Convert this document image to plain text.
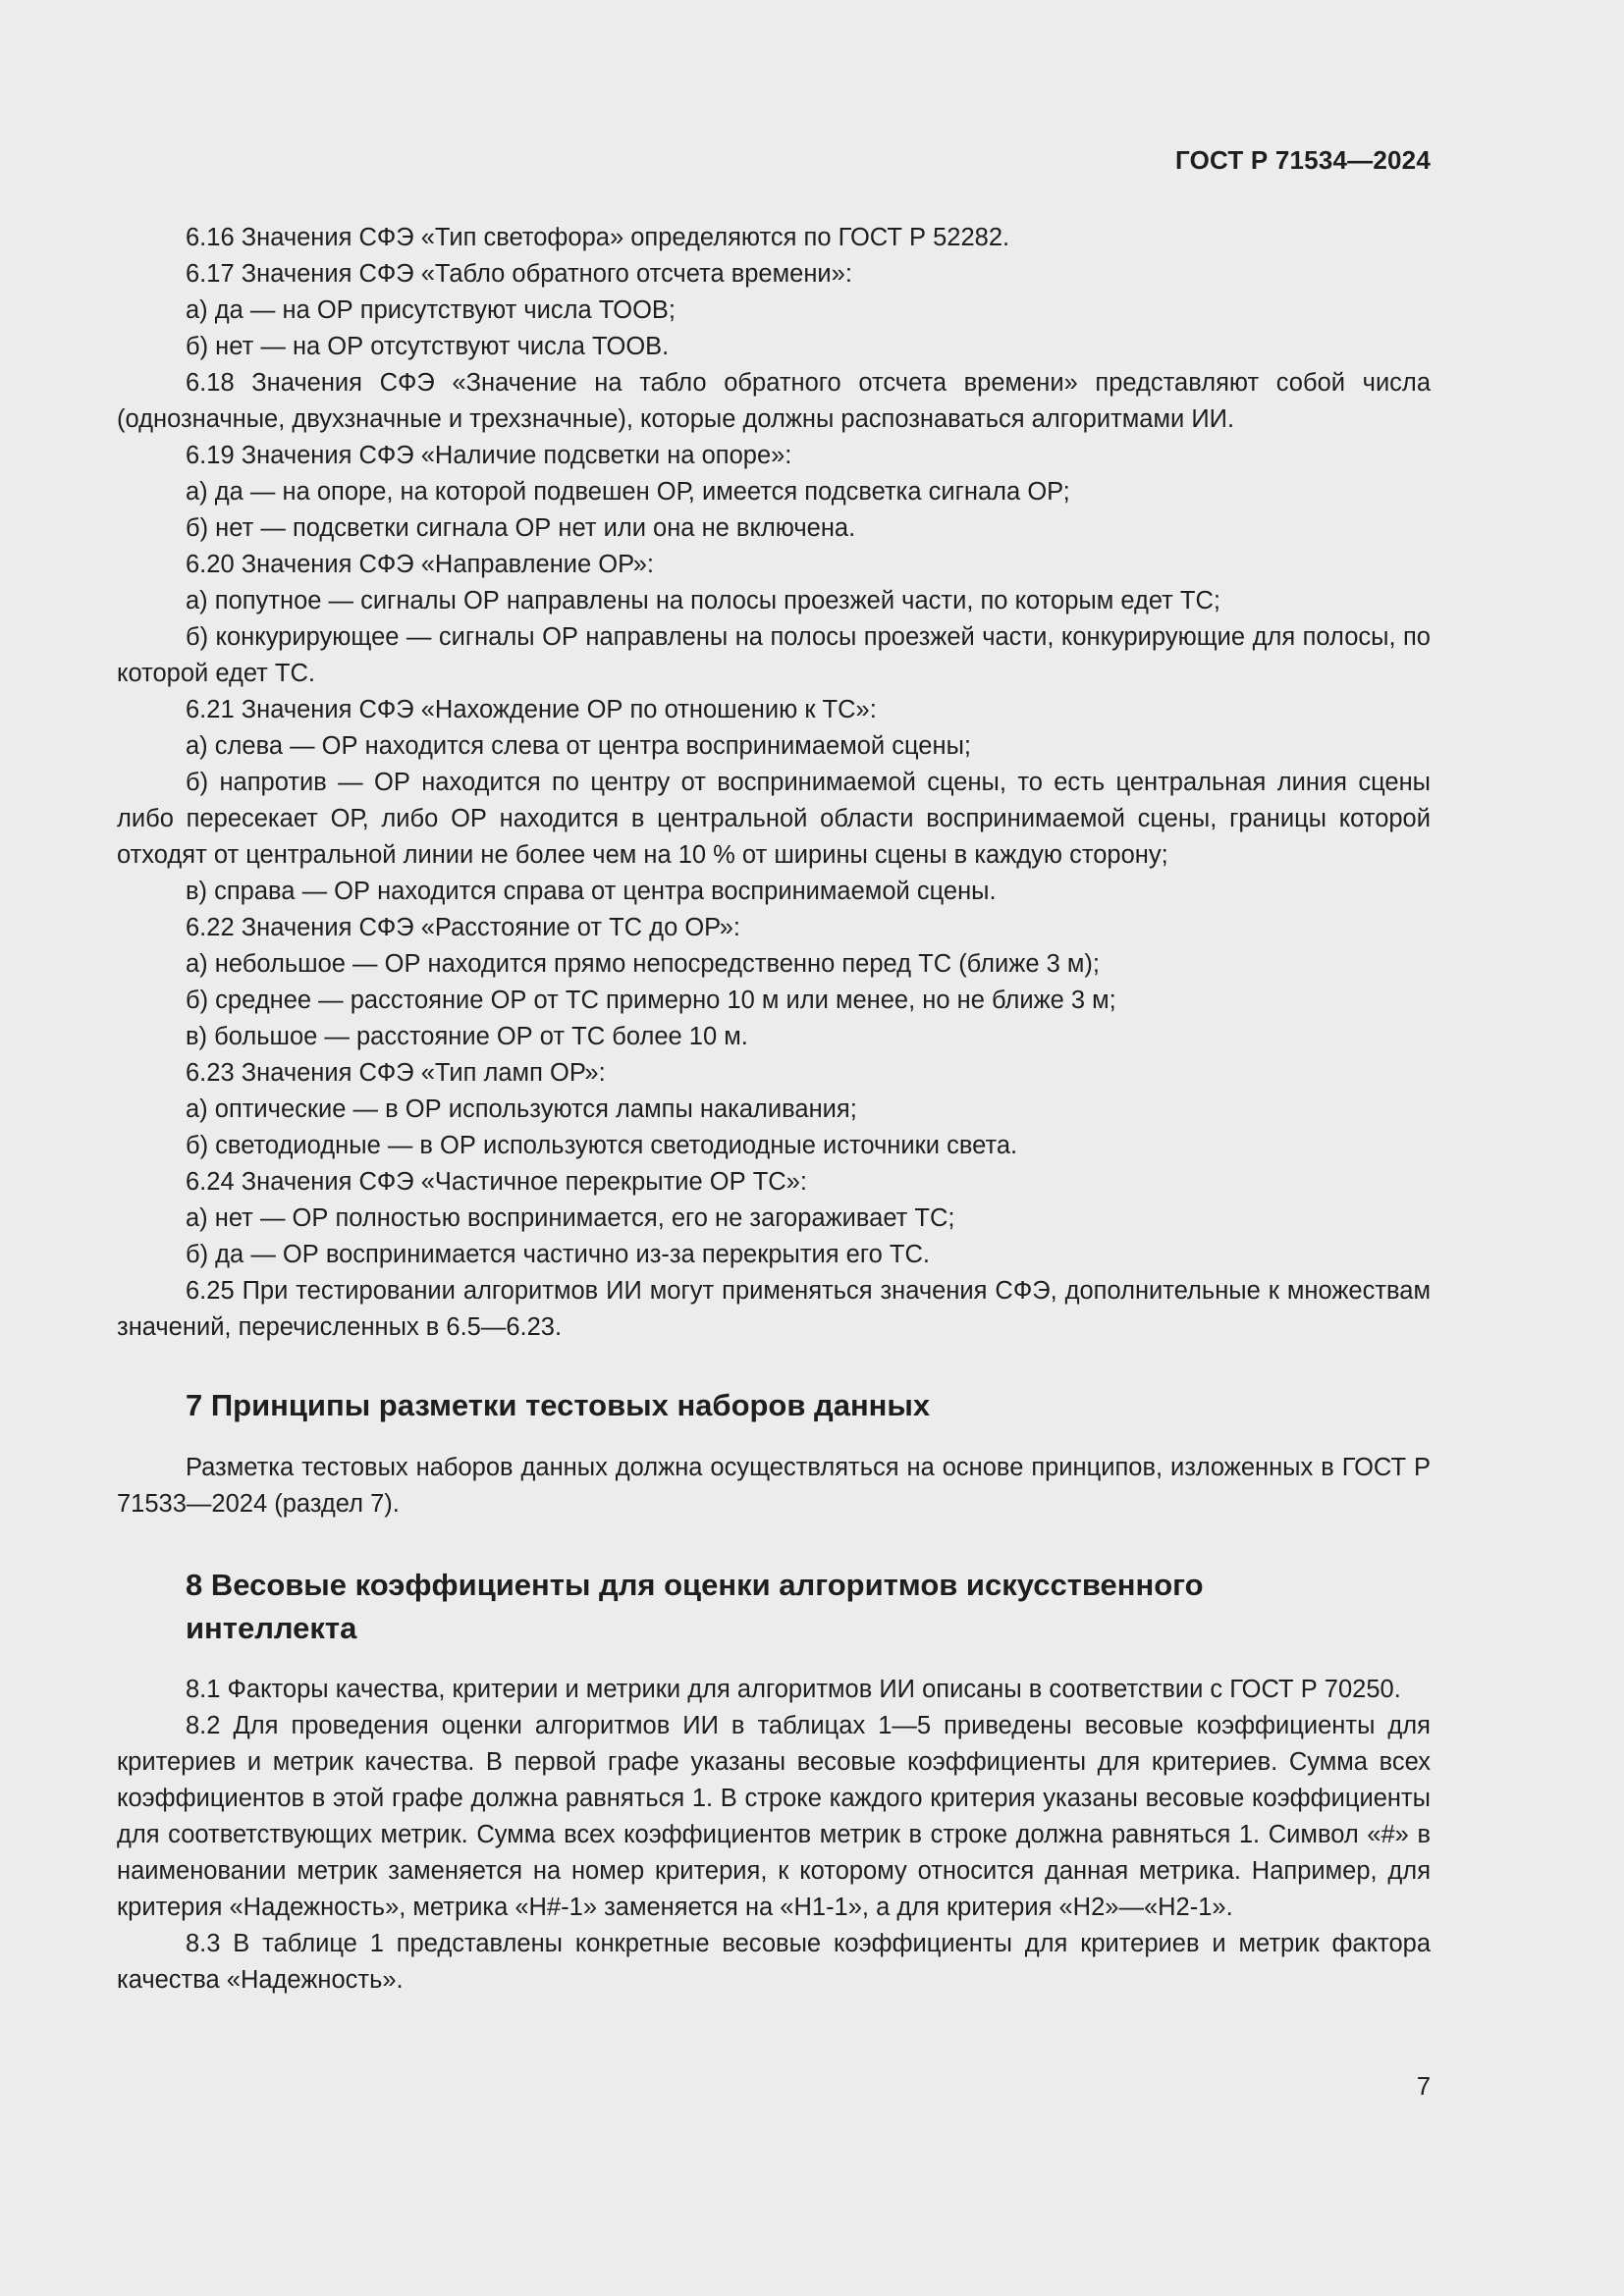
ГОСТ Р 71534—2024

6.16 Значения СФЭ «Тип светофора» определяются по ГОСТ Р 52282.

6.17 Значения СФЭ «Табло обратного отсчета времени»:

а) да — на ОР присутствуют числа ТООВ;

б) нет — на ОР отсутствуют числа ТООВ.

6.18 Значения СФЭ «Значение на табло обратного отсчета времени» представляют собой числа (однозначные, двухзначные и трехзначные), которые должны распознаваться алгоритмами ИИ.

6.19 Значения СФЭ «Наличие подсветки на опоре»:

а) да — на опоре, на которой подвешен ОР, имеется подсветка сигнала ОР;

б) нет — подсветки сигнала ОР нет или она не включена.

6.20 Значения СФЭ «Направление ОР»:

а) попутное — сигналы ОР направлены на полосы проезжей части, по которым едет ТС;

б) конкурирующее — сигналы ОР направлены на полосы проезжей части, конкурирующие для полосы, по которой едет ТС.

6.21 Значения СФЭ «Нахождение ОР по отношению к ТС»:

а) слева — ОР находится слева от центра воспринимаемой сцены;

б) напротив — ОР находится по центру от воспринимаемой сцены, то есть центральная линия сцены либо пересекает ОР, либо ОР находится в центральной области воспринимаемой сцены, границы которой отходят от центральной линии не более чем на 10 % от ширины сцены в каждую сторону;

в) справа — ОР находится справа от центра воспринимаемой сцены.

6.22 Значения СФЭ «Расстояние от ТС до ОР»:

а) небольшое — ОР находится прямо непосредственно перед ТС (ближе 3 м);

б) среднее — расстояние ОР от ТС примерно 10 м или менее, но не ближе 3 м;

в) большое — расстояние ОР от ТС более 10 м.

6.23 Значения СФЭ «Тип ламп ОР»:

а) оптические — в ОР используются лампы накаливания;

б) светодиодные — в ОР используются светодиодные источники света.

6.24 Значения СФЭ «Частичное перекрытие ОР ТС»:

а) нет — ОР полностью воспринимается, его не загораживает ТС;

б) да — ОР воспринимается частично из-за перекрытия его ТС.

6.25 При тестировании алгоритмов ИИ могут применяться значения СФЭ, дополнительные к множествам значений, перечисленных в 6.5—6.23.

7 Принципы разметки тестовых наборов данных

Разметка тестовых наборов данных должна осуществляться на основе принципов, изложенных в ГОСТ Р 71533—2024 (раздел 7).

8 Весовые коэффициенты для оценки алгоритмов искусственного
интеллекта

8.1 Факторы качества, критерии и метрики для алгоритмов ИИ описаны в соответствии с ГОСТ Р 70250.

8.2 Для проведения оценки алгоритмов ИИ в таблицах 1—5 приведены весовые коэффициенты для критериев и метрик качества. В первой графе указаны весовые коэффициенты для критериев. Сумма всех коэффициентов в этой графе должна равняться 1. В строке каждого критерия указаны весовые коэффициенты для соответствующих метрик. Сумма всех коэффициентов метрик в строке должна равняться 1. Символ «#» в наименовании метрик заменяется на номер критерия, к которому относится данная метрика. Например, для критерия «Надежность», метрика «Н#-1» заменяется на «Н1-1», а для критерия «Н2»—«Н2-1».

8.3 В таблице 1 представлены конкретные весовые коэффициенты для критериев и метрик фактора качества «Надежность».

7
